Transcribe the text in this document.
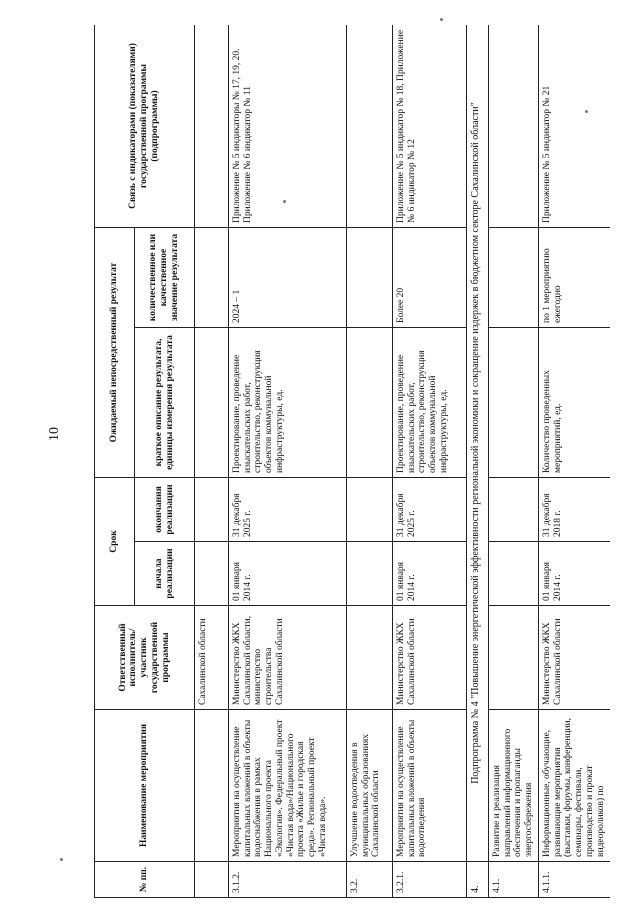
10
№ пп.	Наименование мероприятия	Ответственный исполнитель/участник государственной программы	Срок		Ожидаемый непосредственный результат		Связь с индикаторами (показателями) государственной программы (подпрограммы)
			начала реализации	окончания реализации	краткое описание результата, единицы измерения результата	количественное или качественное значение результата	
		Сахалинской области					
3.1.2.	Мероприятия на осуществление капитальных вложений в объекты водоснабжения в рамках Национального проекта «Экология». Федеральный проект «Чистая вода»/Национального проекта «Жилье и городская среда». Региональный проект «Чистая вода».	Министерство ЖКХ Сахалинской области, министерство строительства Сахалинской области	01 января 2014 г.	31 декабря 2025 г.	Проектирование, проведение изыскательских работ, строительство, реконструкция объектов коммунальной инфраструктуры, ед.	2024 – 1	Приложение № 5 индикаторы № 17, 19, 20. Приложение № 6 индикатор № 11
3.2.	Улучшение водоотведения в муниципальных образованиях Сахалинской области						
3.2.1.	Мероприятия на осуществление капитальных вложений в объекты водоотведения	Министерство ЖКХ Сахалинской области	01 января 2014 г.	31 декабря 2025 г.	Проектирование, проведение изыскательских работ, строительство, реконструкция объектов коммунальной инфраструктуры, ед.	Более 20	Приложение № 5 индикатор № 18, Приложение № 6 индикатор № 12
4.	Подпрограмма № 4 "Повышение энергетической эффективности региональной экономики и сокращение издержек в бюджетном секторе Сахалинской области"						
4.1.	Развитие и реализация направлений информационного обеспечения и пропаганды энергосбережения						
4.1.1.	Информационные, обучающие, развивающие мероприятия (выставки, форумы, конференции, семинары, фестивали, производство и прокат видеороликов) по	Министерство ЖКХ Сахалинской области	01 января 2014 г.	31 декабря 2018 г.	Количество проведенных мероприятий, ед.	по 1 мероприятию ежегодно	Приложение № 5 индикатор № 21
